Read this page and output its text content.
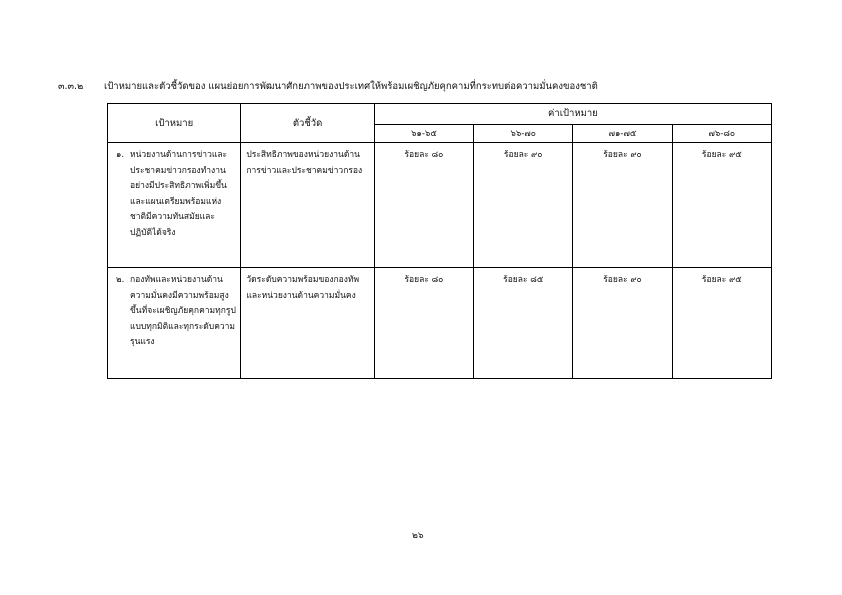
๓.๓.๒	เป้าหมายและตัวชี้วัดของ แผนย่อยการพัฒนาศักยภาพของประเทศให้พร้อมเผชิญภัยคุกคามที่กระทบต่อความมั่นคงของชาติ
เป้าหมาย	ตัวชี้วัด	ค่าเป้าหมาย			
		๖๑-๖๕	๖๖-๗๐	๗๑-๗๕	๗๖-๘๐

๑. หน่วยงานด้านการข่าวและประชาคมข่าวกรองทำงานอย่างมีประสิทธิภาพเพิ่มขึ้น และแผนเตรียมพร้อมแห่งชาติมีความทันสมัยและปฏิบัติได้จริง	ประสิทธิภาพของหน่วยงานด้านการข่าวและประชาคมข่าวกรอง	ร้อยละ ๘๐	ร้อยละ ๙๐	ร้อยละ ๙๐	ร้อยละ ๙๕

๒. กองทัพและหน่วยงานด้านความมั่นคงมีความพร้อมสูงขึ้นที่จะเผชิญภัยคุกคามทุกรูปแบบทุกมิติและทุกระดับความรุนแรง	วัดระดับความพร้อมของกองทัพและหน่วยงานด้านความมั่นคง	ร้อยละ ๘๐	ร้อยละ ๘๕	ร้อยละ ๙๐	ร้อยละ ๙๕
๒๖
